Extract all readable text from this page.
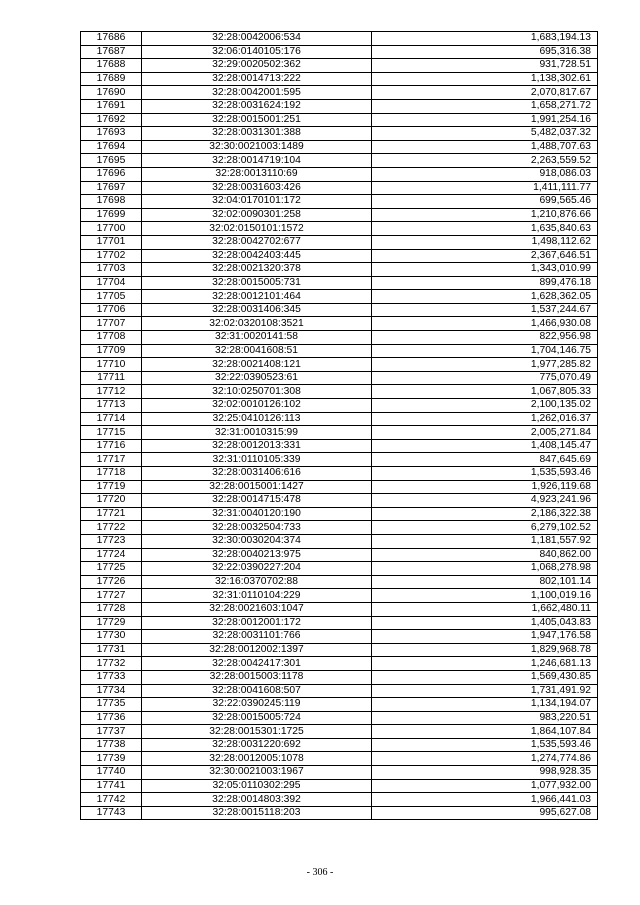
17686	32:28:0042006:534	1,683,194.13
17687	32:06:0140105:176	695,316.38
17688	32:29:0020502:362	931,728.51
17689	32:28:0014713:222	1,138,302.61
17690	32:28:0042001:595	2,070,817.67
17691	32:28:0031624:192	1,658,271.72
17692	32:28:0015001:251	1,991,254.16
17693	32:28:0031301:388	5,482,037.32
17694	32:30:0021003:1489	1,488,707.63
17695	32:28:0014719:104	2,263,559.52
17696	32:28:0013110:69	918,086.03
17697	32:28:0031603:426	1,411,111.77
17698	32:04:0170101:172	699,565.46
17699	32:02:0090301:258	1,210,876.66
17700	32:02:0150101:1572	1,635,840.63
17701	32:28:0042702:677	1,498,112.62
17702	32:28:0042403:445	2,367,646.51
17703	32:28:0021320:378	1,343,010.99
17704	32:28:0015005:731	899,476.18
17705	32:28:0012101:464	1,628,362.05
17706	32:28:0031406:345	1,537,244.67
17707	32:02:0320108:3521	1,466,930.08
17708	32:31:0020141:58	822,956.98
17709	32:28:0041608:51	1,704,146.75
17710	32:28:0021408:121	1,977,285.82
17711	32:22:0390523:61	775,070.49
17712	32:10:0250701:308	1,067,805.33
17713	32:02:0010126:102	2,100,135.02
17714	32:25:0410126:113	1,262,016.37
17715	32:31:0010315:99	2,005,271.84
17716	32:28:0012013:331	1,408,145.47
17717	32:31:0110105:339	847,645.69
17718	32:28:0031406:616	1,535,593.46
17719	32:28:0015001:1427	1,926,119.68
17720	32:28:0014715:478	4,923,241.96
17721	32:31:0040120:190	2,186,322.38
17722	32:28:0032504:733	6,279,102.52
17723	32:30:0030204:374	1,181,557.92
17724	32:28:0040213:975	840,862.00
17725	32:22:0390227:204	1,068,278.98
17726	32:16:0370702:88	802,101.14
17727	32:31:0110104:229	1,100,019.16
17728	32:28:0021603:1047	1,662,480.11
17729	32:28:0012001:172	1,405,043.83
17730	32:28:0031101:766	1,947,176.58
17731	32:28:0012002:1397	1,829,968.78
17732	32:28:0042417:301	1,246,681.13
17733	32:28:0015003:1178	1,569,430.85
17734	32:28:0041608:507	1,731,491.92
17735	32:22:0390245:119	1,134,194.07
17736	32:28:0015005:724	983,220.51
17737	32:28:0015301:1725	1,864,107.84
17738	32:28:0031220:692	1,535,593.46
17739	32:28:0012005:1078	1,274,774.86
17740	32:30:0021003:1967	998,928.35
17741	32:05:0110302:295	1,077,932.00
17742	32:28:0014803:392	1,966,441.03
17743	32:28:0015118:203	995,627.08
- 306 -
